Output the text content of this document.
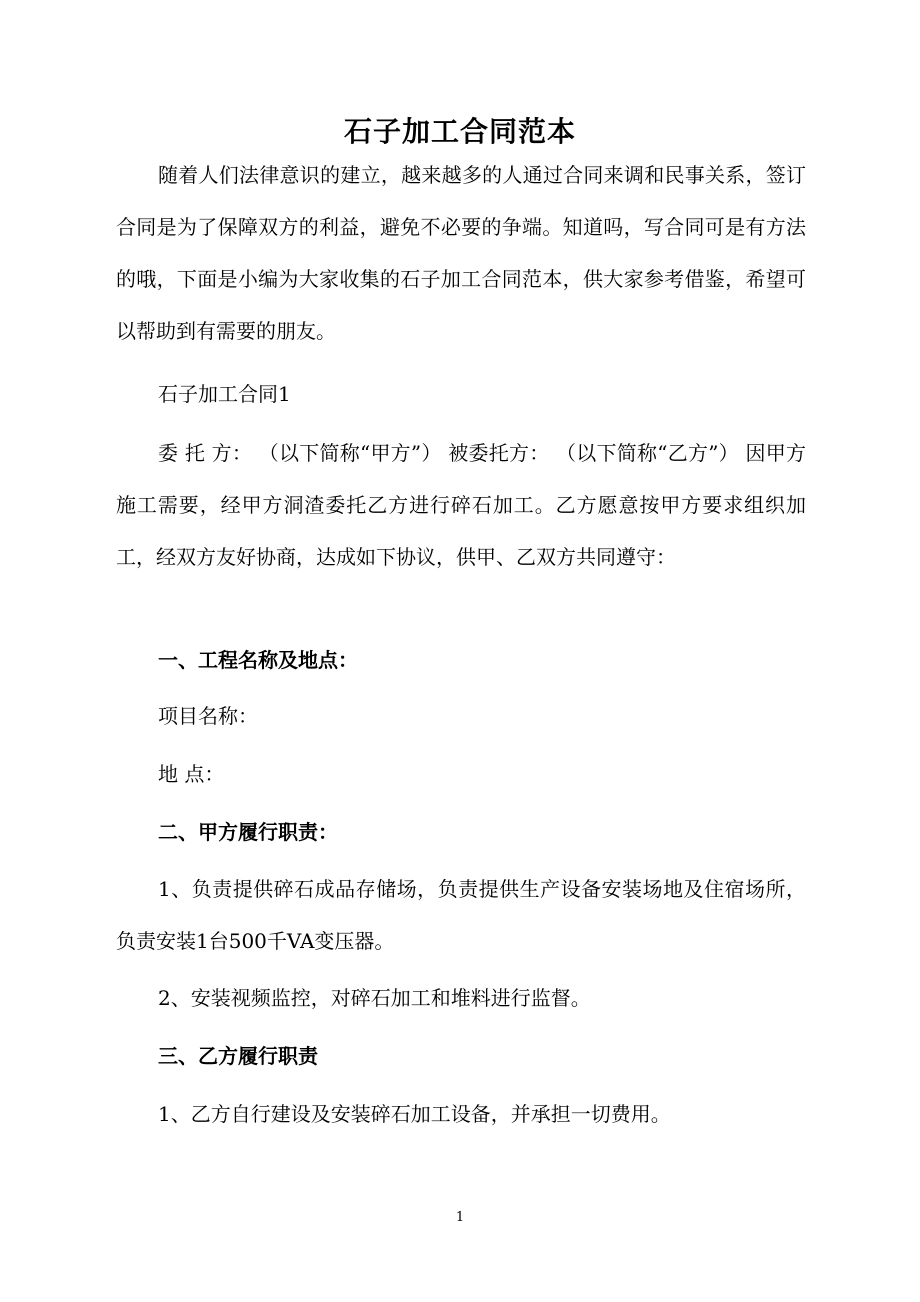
石子加工合同范本

随着人们法律意识的建立，越来越多的人通过合同来调和民事关系，签订合同是为了保障双方的利益，避免不必要的争端。知道吗，写合同可是有方法的哦，下面是小编为大家收集的石子加工合同范本，供大家参考借鉴，希望可以帮助到有需要的朋友。

石子加工合同1

委 托 方： （以下简称“甲方”） 被委托方： （以下简称“乙方”） 因甲方施工需要，经甲方洞渣委托乙方进行碎石加工。乙方愿意按甲方要求组织加工，经双方友好协商，达成如下协议，供甲、乙双方共同遵守：

一、工程名称及地点：

项目名称：

地 点：

二、甲方履行职责：

1、负责提供碎石成品存储场，负责提供生产设备安装场地及住宿场所，负责安装1台500千VA变压器。

2、安装视频监控，对碎石加工和堆料进行监督。

三、乙方履行职责

1、乙方自行建设及安装碎石加工设备，并承担一切费用。

1
